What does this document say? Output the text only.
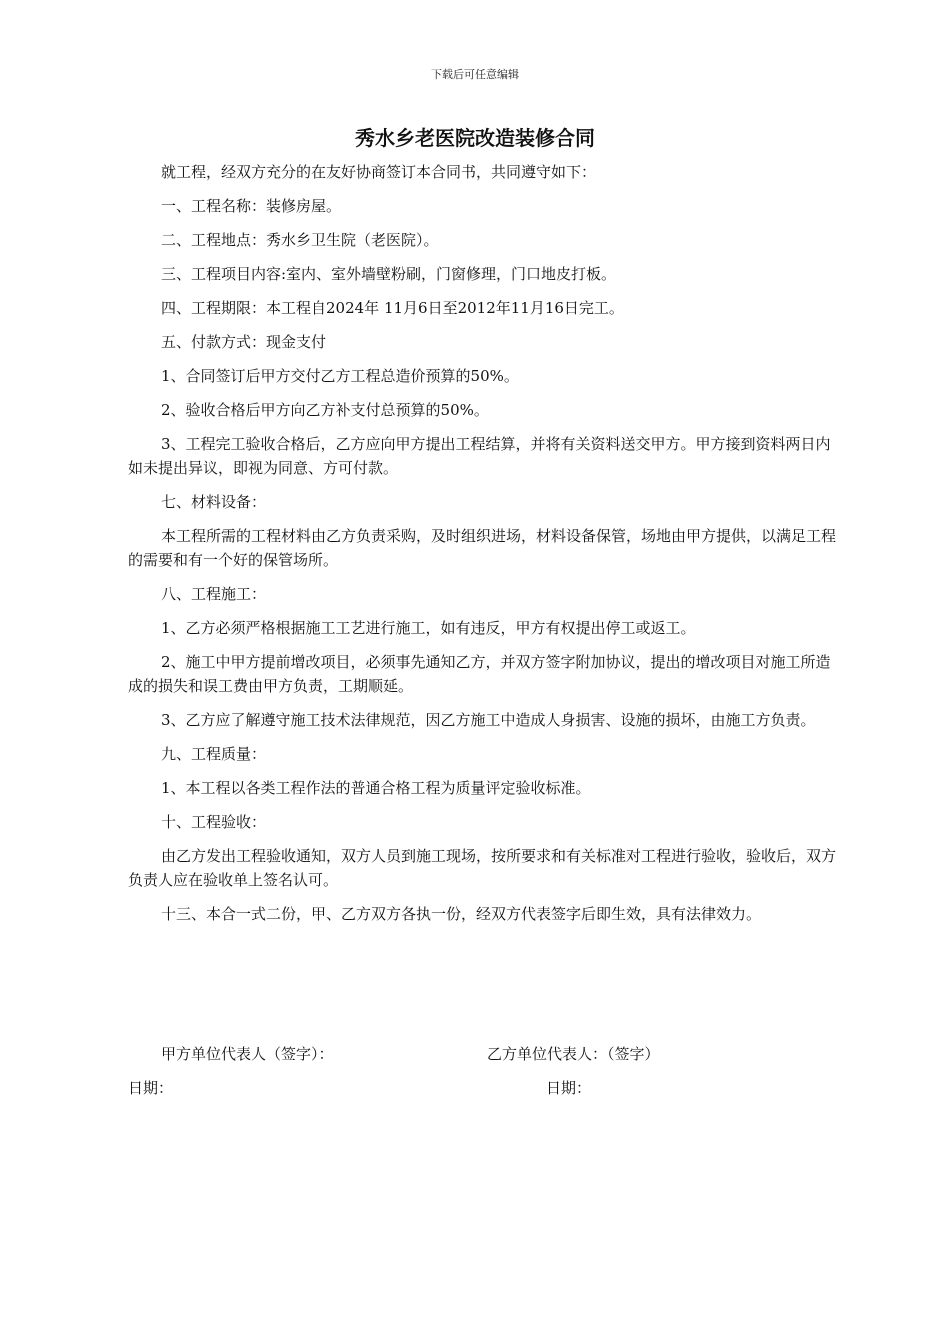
下载后可任意编辑
秀水乡老医院改造装修合同

就工程，经双方充分的在友好协商签订本合同书，共同遵守如下：

一、工程名称：装修房屋。

二、工程地点：秀水乡卫生院（老医院）。

三、工程项目内容:室内、室外墙壁粉刷，门窗修理，门口地皮打板。

四、工程期限：本工程自2024年 11月6日至2012年11月16日完工。

五、付款方式：现金支付

1、合同签订后甲方交付乙方工程总造价预算的50%。

2、验收合格后甲方向乙方补支付总预算的50%。

3、工程完工验收合格后，乙方应向甲方提出工程结算，并将有关资料送交甲方。甲方接到资料两日内如未提出异议，即视为同意、方可付款。

七、材料设备：

本工程所需的工程材料由乙方负责采购，及时组织进场，材料设备保管，场地由甲方提供，以满足工程的需要和有一个好的保管场所。

八、工程施工：

1、乙方必须严格根据施工工艺进行施工，如有违反，甲方有权提出停工或返工。

2、施工中甲方提前增改项目，必须事先通知乙方，并双方签字附加协议，提出的增改项目对施工所造成的损失和误工费由甲方负责，工期顺延。

3、乙方应了解遵守施工技术法律规范，因乙方施工中造成人身损害、设施的损坏，由施工方负责。

九、工程质量：

1、本工程以各类工程作法的普通合格工程为质量评定验收标准。

十、工程验收：

由乙方发出工程验收通知，双方人员到施工现场，按所要求和有关标准对工程进行验收，验收后，双方负责人应在验收单上签名认可。

十三、本合一式二份，甲、乙方双方各执一份，经双方代表签字后即生效，具有法律效力。

甲方单位代表人（签字）：	乙方单位代表人：（签字）
日期：	日期：
